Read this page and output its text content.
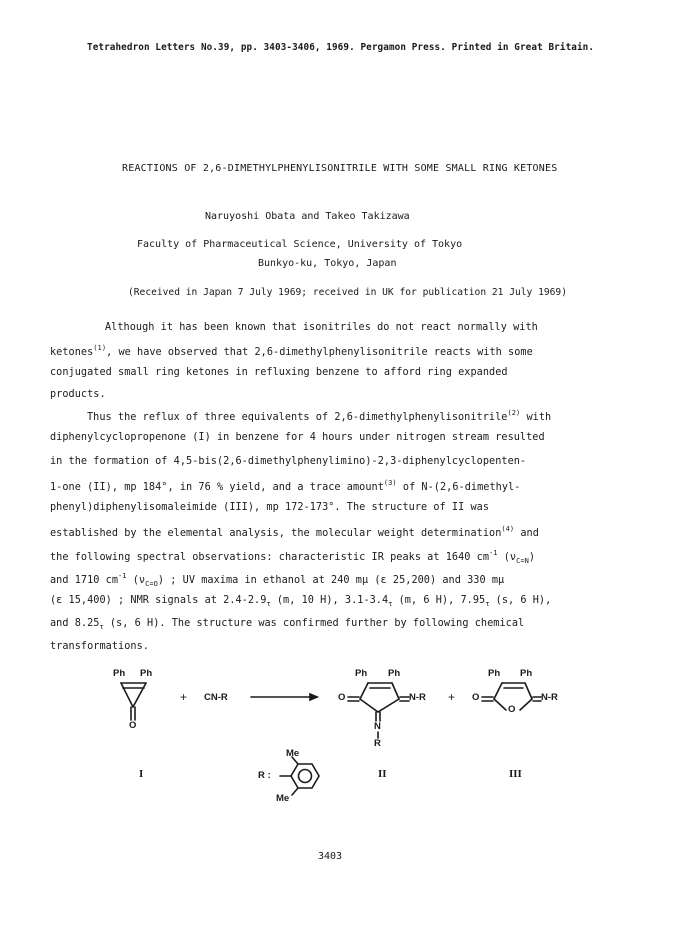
Tetrahedron Letters No.39, pp. 3403-3406, 1969. Pergamon Press. Printed in Great Britain.
REACTIONS OF 2,6-DIMETHYLPHENYLISONITRILE WITH SOME SMALL RING KETONES
Naruyoshi Obata and Takeo Takizawa
Faculty of Pharmaceutical Science, University of Tokyo
Bunkyo-ku, Tokyo, Japan
(Received in Japan 7 July 1969; received in UK for publication 21 July 1969)
Although it has been known that isonitriles do not react normally with
ketones$^{(1)}$, we have observed that 2,6-dimethylphenylisonitrile reacts with some
conjugated small ring ketones in refluxing benzene to afford ring expanded
products.
Thus the reflux of three equivalents of 2,6-dimethylphenylisonitrile$^{(2)}$ with
diphenylcyclopropenone (I) in benzene for 4 hours under nitrogen stream resulted
in the formation of 4,5-bis(2,6-dimethylphenylimino)-2,3-diphenylcyclopenten-
1-one (II), mp 184°, in 76 % yield, and a trace amount$^{(3)}$ of N-(2,6-dimethyl-
phenyl)diphenylisomaleimide (III), mp 172-173°. The structure of II was
established by the elemental analysis, the molecular weight determination$^{(4)}$ and
the following spectral observations: characteristic IR peaks at 1640 $cm^{-1}$ $(\nu_{C=N})$
and 1710 $cm^{-1}$ $(\nu_{C=O})$ ; UV maxima in ethanol at 240 mμ (ε 25,200) and 330 mμ
(ε 15,400) ; NMR signals at $2.4-2.9_\tau$ (m, 10 H), $3.1-3.4_\tau$ (m, 6 H), $7.95_\tau$ (s, 6 H),
and $8.25_\tau$ (s, 6 H). The structure was confirmed further by following chemical
transformations.
Ph Ph
O
+ CN-R
Ph Ph
O	N-R
N
R
+
Ph Ph
O
O
N-R
Me
R :
Me
I	II	III
3403
